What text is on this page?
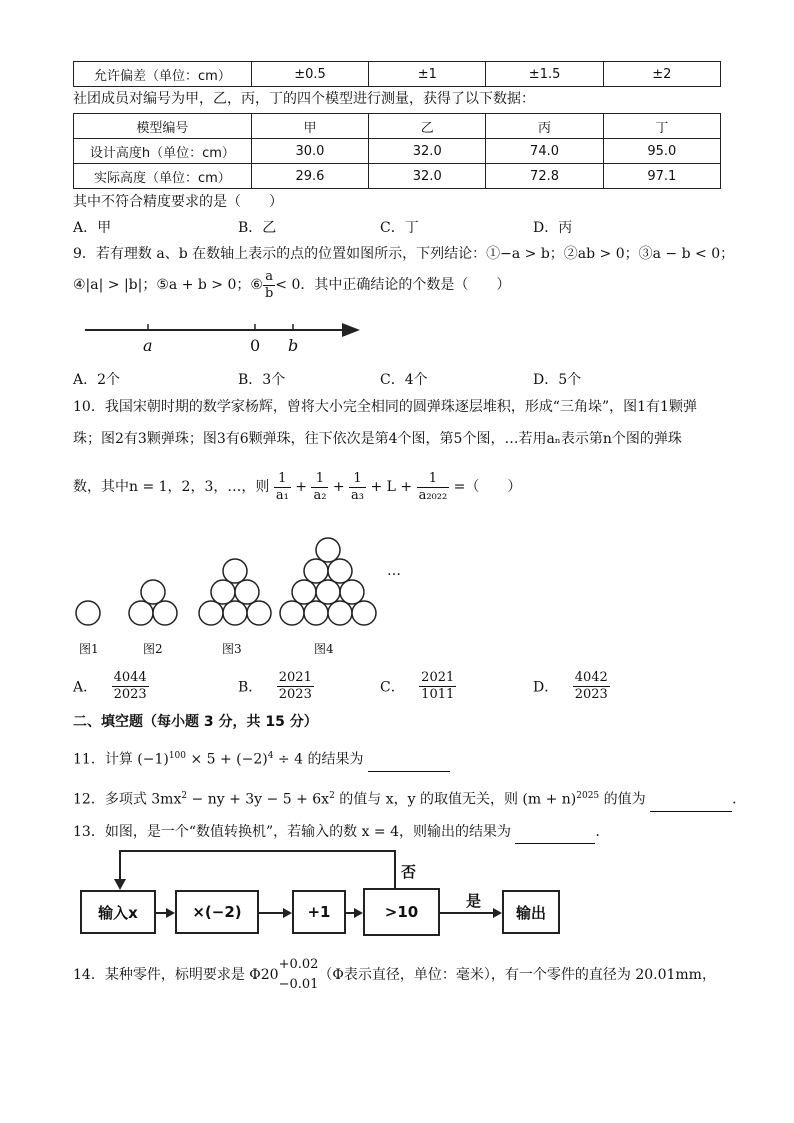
允许偏差（单位：cm）	±0.5	±1	±1.5	±2
社团成员对编号为甲，乙，丙，丁的四个模型进行测量，获得了以下数据：
模型编号	甲	乙	丙	丁
设计高度h（单位：cm）	30.0	32.0	74.0	95.0
实际高度（单位：cm）	29.6	32.0	72.8	97.1
其中不符合精度要求的是（　　）
A．甲	B．乙	C．丁	D．丙
9．若有理数 a、b 在数轴上表示的点的位置如图所示，下列结论：①−a > b；②ab > 0；③a − b < 0；
④|a| > |b|；⑤a + b > 0；⑥ $\frac{a}{b} < 0$．其中正确结论的个数是（　　）
a	0 b
A．2个	B．3个	C．4个	D．5个
10．我国宋朝时期的数学家杨辉，曾将大小完全相同的圆弹珠逐层堆积，形成“三角垛”，图1有1颗弹
珠；图2有3颗弹珠；图3有6颗弹珠，往下依次是第4个图，第5个图，…若用aₙ表示第n个图的弹珠
数，其中n = 1，2，3，…，则 $\frac{1}{\text{a₁}} + \frac{1}{\text{a₂}} + \frac{1}{\text{a₃}} + L + \frac{1}{\text{a₂₀₂₂}}$ =（　　）
…
图1	图2	图3	图4
A． $\frac{4044}{2023}$	B． $\frac{2021}{2023}$	C． $\frac{2021}{1011}$	D． $\frac{4042}{2023}$
二、填空题（每小题 3 分，共 15 分）
11．计算 $(-1)^{100} \times 5 + (-2)^4 \div 4$ 的结果为
12．多项式 $3mx^2$ − ny + $3y - 5 + 6x^2$ 的值与 x，y 的取值无关，则 $(m + n)^{2025}$ 的值为	．
13．如图，是一个“数值转换机”，若输入的数 x = 4，则输出的结果为	．
输入x	×(−2)	+1	>10	输出
否
是
14．某种零件，标明要求是 Φ20
+0.02
−0.01
（Φ表示直径，单位：毫米），有一个零件的直径为 20.01mm，
